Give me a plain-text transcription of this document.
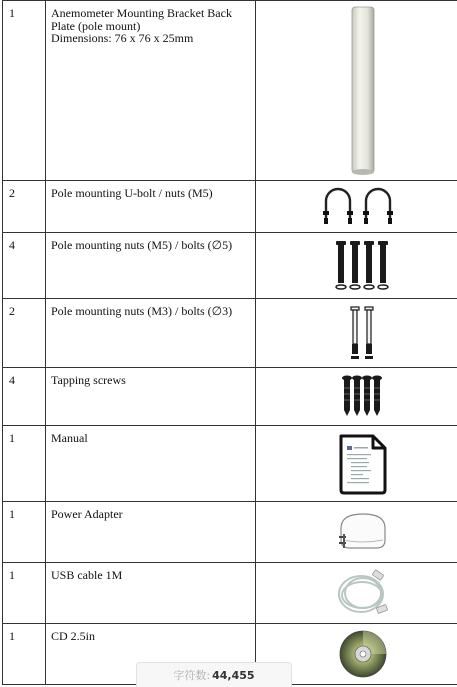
1	Anemometer Mounting Bracket Back
Plate (pole mount)
Dimensions: 76 x 76 x 25mm

2	Pole mounting U-bolt / nuts (M5)

4	Pole mounting nuts (M5) / bolts (∅5)

2	Pole mounting nuts (M3) / bolts (∅3)

4	Tapping screws

1	Manual

1	Power Adapter

1	USB cable 1M

1	CD 2.5in

字符数: 44,455
